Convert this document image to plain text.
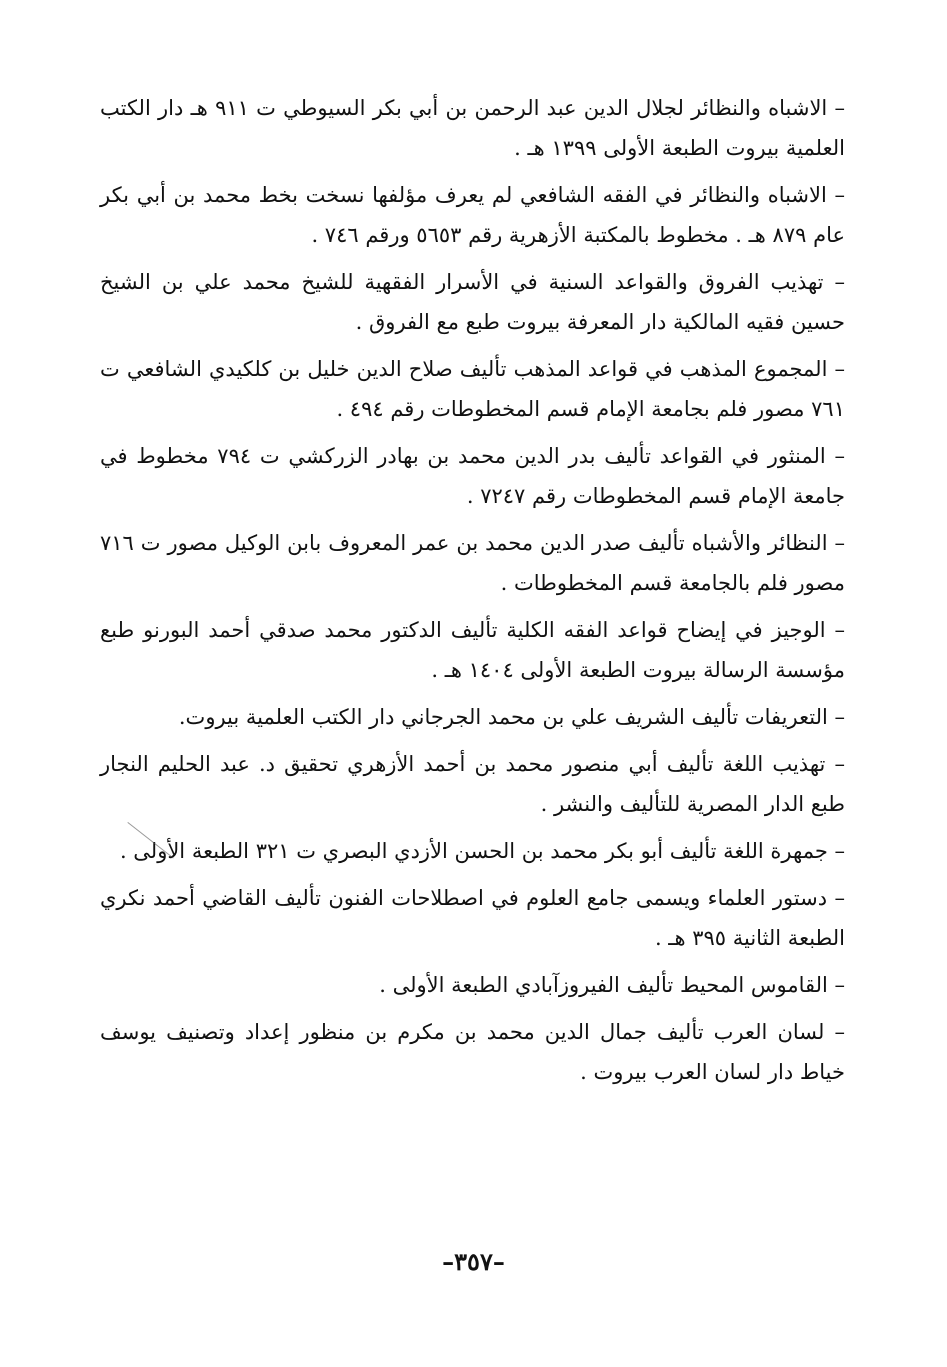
– الاشباه والنظائر لجلال الدين عبد الرحمن بن أبي بكر السيوطي ت ٩١١ هـ دار الكتب العلمية بيروت الطبعة الأولى ١٣٩٩ هـ .
– الاشباه والنظائر في الفقه الشافعي لم يعرف مؤلفها نسخت بخط محمد بن أبي بكر عام ٨٧٩ هـ . مخطوط بالمكتبة الأزهرية رقم ٥٦٥٣ ورقم ٧٤٦ .
– تهذيب الفروق والقواعد السنية في الأسرار الفقهية للشيخ محمد علي بن الشيخ حسين فقيه المالكية دار المعرفة بيروت طبع مع الفروق .
– المجموع المذهب في قواعد المذهب تأليف صلاح الدين خليل بن كلكيدي الشافعي ت ٧٦١ مصور فلم بجامعة الإمام قسم المخطوطات رقم ٤٩٤ .
– المنثور في القواعد تأليف بدر الدين محمد بن بهادر الزركشي ت ٧٩٤ مخطوط في جامعة الإمام قسم المخطوطات رقم ٧٢٤٧ .
– النظائر والأشباه تأليف صدر الدين محمد بن عمر المعروف بابن الوكيل مصور ت ٧١٦ مصور فلم بالجامعة قسم المخطوطات .
– الوجيز في إيضاح قواعد الفقه الكلية تأليف الدكتور محمد صدقي أحمد البورنو طبع مؤسسة الرسالة بيروت الطبعة الأولى ١٤٠٤ هـ .
– التعريفات تأليف الشريف علي بن محمد الجرجاني دار الكتب العلمية بيروت.
– تهذيب اللغة تأليف أبي منصور محمد بن أحمد الأزهري تحقيق د. عبد الحليم النجار طبع الدار المصرية للتأليف والنشر .
– جمهرة اللغة تأليف أبو بكر محمد بن الحسن الأزدي البصري ت ٣٢١ الطبعة الأولى .
– دستور العلماء ويسمى جامع العلوم في اصطلاحات الفنون تأليف القاضي أحمد نكري الطبعة الثانية ٣٩٥ هـ .
– القاموس المحيط تأليف الفيروزآبادي الطبعة الأولى .
– لسان العرب تأليف جمال الدين محمد بن مكرم بن منظور إعداد وتصنيف يوسف خياط دار لسان العرب بيروت .
–٣٥٧–
